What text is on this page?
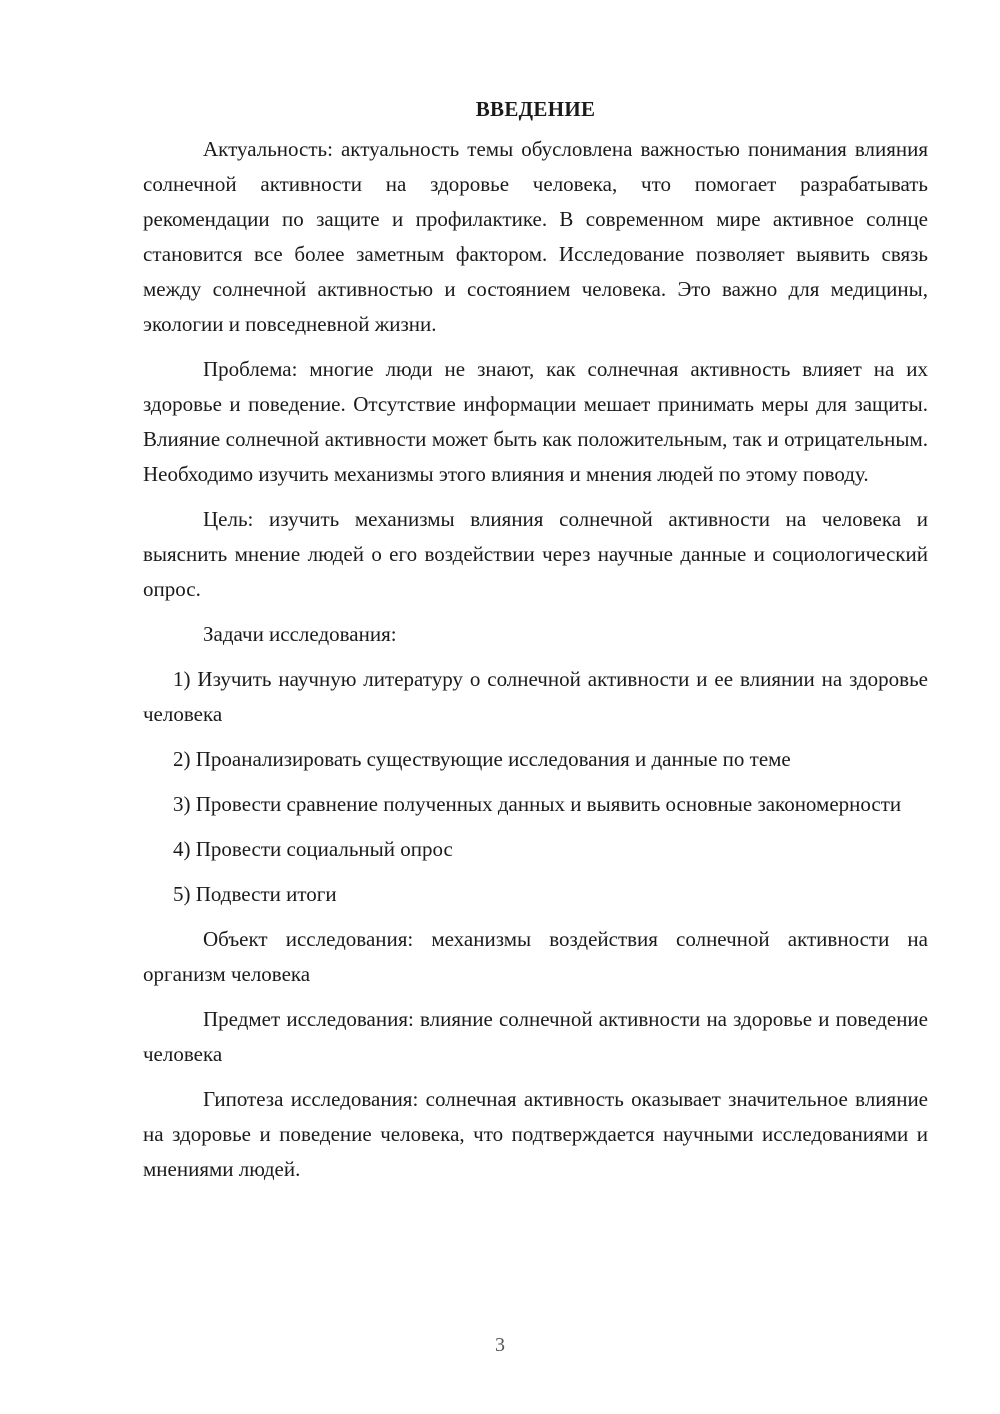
ВВЕДЕНИЕ

Актуальность: актуальность темы обусловлена важностью понимания влияния солнечной активности на здоровье человека, что помогает разрабатывать рекомендации по защите и профилактике. В современном мире активное солнце становится все более заметным фактором. Исследование позволяет выявить связь между солнечной активностью и состоянием человека. Это важно для медицины, экологии и повседневной жизни.

Проблема: многие люди не знают, как солнечная активность влияет на их здоровье и поведение. Отсутствие информации мешает принимать меры для защиты. Влияние солнечной активности может быть как положительным, так и отрицательным. Необходимо изучить механизмы этого влияния и мнения людей по этому поводу.

Цель: изучить механизмы влияния солнечной активности на человека и выяснить мнение людей о его воздействии через научные данные и социологический опрос.

Задачи исследования:

1) Изучить научную литературу о солнечной активности и ее влиянии на здоровье человека

2) Проанализировать существующие исследования и данные по теме

3) Провести сравнение полученных данных и выявить основные закономерности

4) Провести социальный опрос

5) Подвести итоги

Объект исследования: механизмы воздействия солнечной активности на организм человека

Предмет исследования: влияние солнечной активности на здоровье и поведение человека

Гипотеза исследования: солнечная активность оказывает значительное влияние на здоровье и поведение человека, что подтверждается научными исследованиями и мнениями людей.

3
